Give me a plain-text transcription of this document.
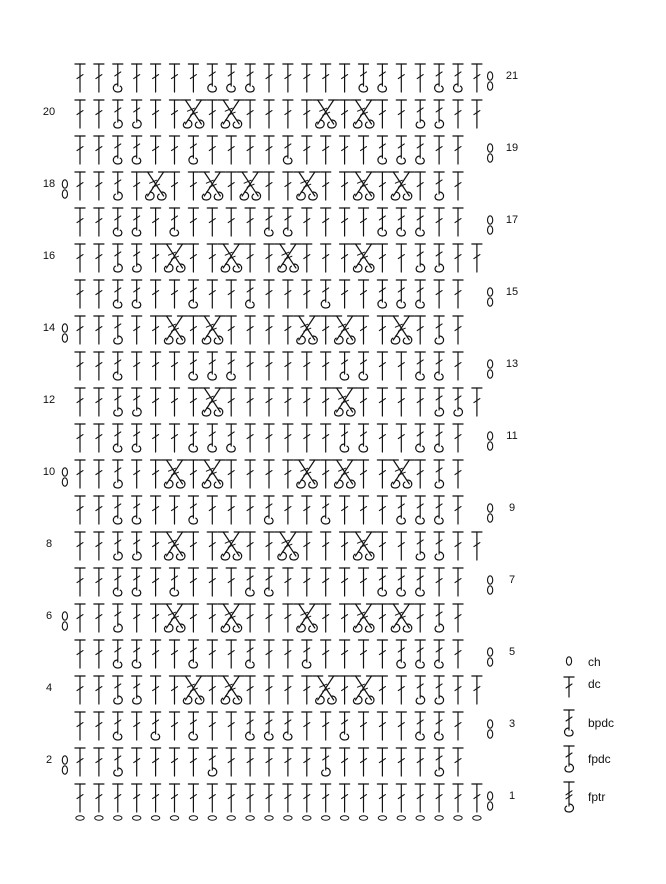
1
2
3
4
5
6
7
8
9
10
11
12
13
14
15
16
17
18
19
20
21
ch
dc
bpdc
fpdc
fptr
